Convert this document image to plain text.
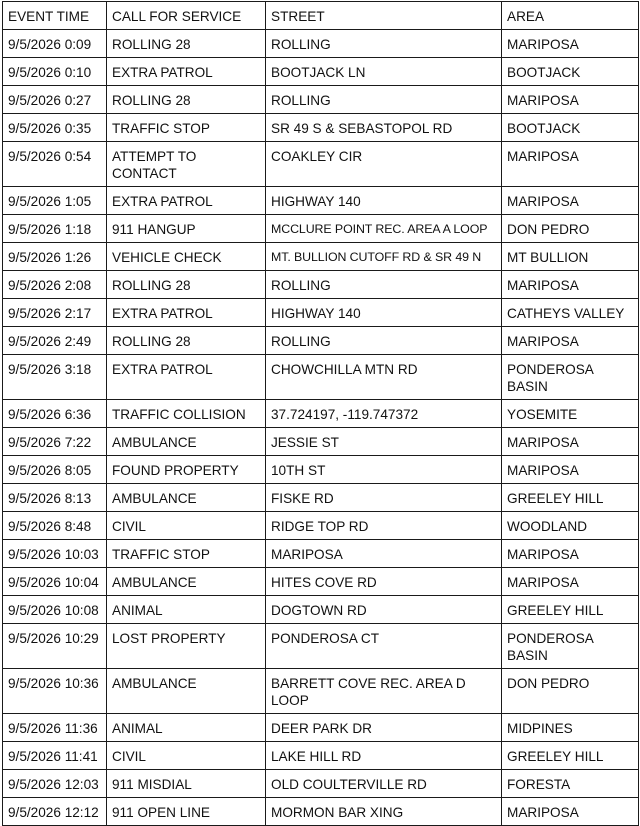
EVENT TIME	CALL FOR SERVICE	STREET	AREA
9/5/2026 0:09	ROLLING 28	ROLLING	MARIPOSA
9/5/2026 0:10	EXTRA PATROL	BOOTJACK LN	BOOTJACK
9/5/2026 0:27	ROLLING 28	ROLLING	MARIPOSA
9/5/2026 0:35	TRAFFIC STOP	SR 49 S & SEBASTOPOL RD	BOOTJACK
9/5/2026 0:54	ATTEMPT TO CONTACT	COAKLEY CIR	MARIPOSA
9/5/2026 1:05	EXTRA PATROL	HIGHWAY 140	MARIPOSA
9/5/2026 1:18	911 HANGUP	MCCLURE POINT REC. AREA A LOOP	DON PEDRO
9/5/2026 1:26	VEHICLE CHECK	MT. BULLION CUTOFF RD & SR 49 N	MT BULLION
9/5/2026 2:08	ROLLING 28	ROLLING	MARIPOSA
9/5/2026 2:17	EXTRA PATROL	HIGHWAY 140	CATHEYS VALLEY
9/5/2026 2:49	ROLLING 28	ROLLING	MARIPOSA
9/5/2026 3:18	EXTRA PATROL	CHOWCHILLA MTN RD	PONDEROSA BASIN
9/5/2026 6:36	TRAFFIC COLLISION	37.724197, -119.747372	YOSEMITE
9/5/2026 7:22	AMBULANCE	JESSIE ST	MARIPOSA
9/5/2026 8:05	FOUND PROPERTY	10TH ST	MARIPOSA
9/5/2026 8:13	AMBULANCE	FISKE RD	GREELEY HILL
9/5/2026 8:48	CIVIL	RIDGE TOP RD	WOODLAND
9/5/2026 10:03	TRAFFIC STOP	MARIPOSA	MARIPOSA
9/5/2026 10:04	AMBULANCE	HITES COVE RD	MARIPOSA
9/5/2026 10:08	ANIMAL	DOGTOWN RD	GREELEY HILL
9/5/2026 10:29	LOST PROPERTY	PONDEROSA CT	PONDEROSA BASIN
9/5/2026 10:36	AMBULANCE	BARRETT COVE REC. AREA D LOOP	DON PEDRO
9/5/2026 11:36	ANIMAL	DEER PARK DR	MIDPINES
9/5/2026 11:41	CIVIL	LAKE HILL RD	GREELEY HILL
9/5/2026 12:03	911 MISDIAL	OLD COULTERVILLE RD	FORESTA
9/5/2026 12:12	911 OPEN LINE	MORMON BAR XING	MARIPOSA
